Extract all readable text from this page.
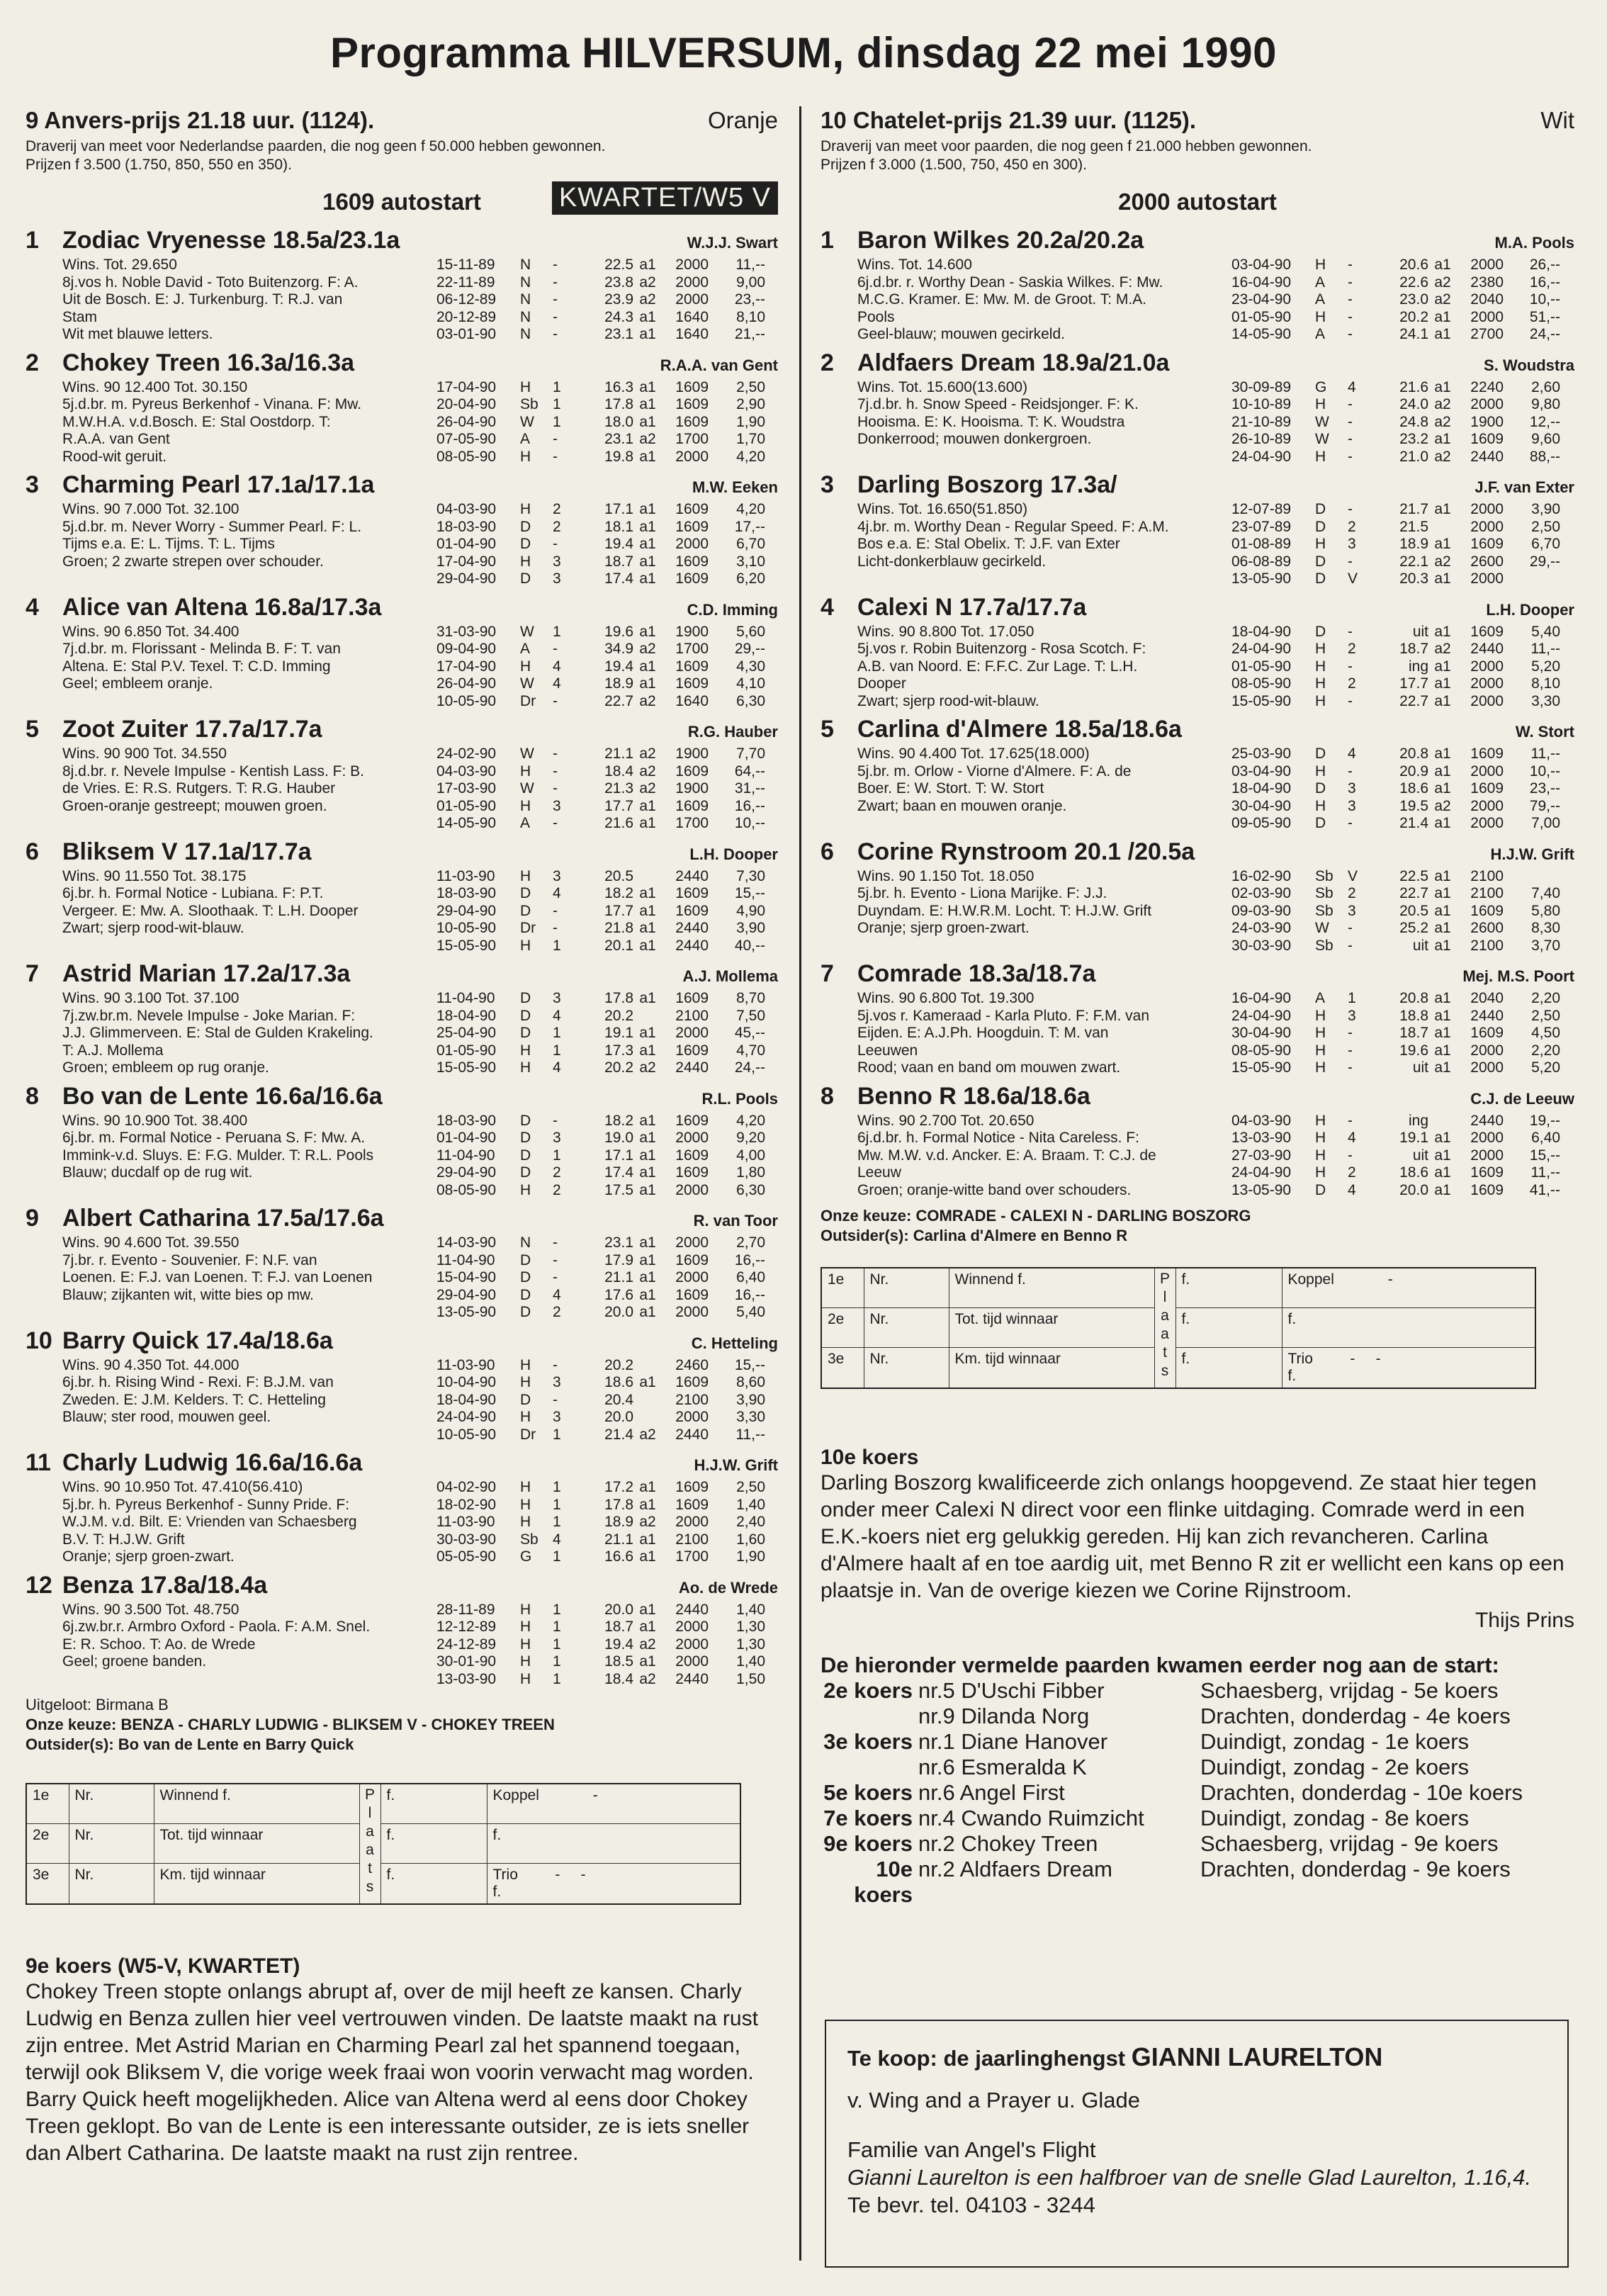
Programma HILVERSUM, dinsdag 22 mei 1990
9 Anvers-prijs 21.18 uur. (1124).	Oranje
Draverij van meet voor Nederlandse paarden, die nog geen f 50.000 hebben gewonnen.
Prijzen f 3.500 (1.750, 850, 550 en 350).
1609 autostart	KWARTET/W5 V
1 Zodiac Vryenesse 18.5a/23.1a	W.J.J. Swart
Wins. Tot. 29.650
8j.vos h. Noble David - Toto Buitenzorg. F: A.
Uit de Bosch. E: J. Turkenburg. T: R.J. van
Stam
Wit met blauwe letters.
15-11-89	N	-	22.5 a1	2000	11,--
22-11-89	N	-	23.8 a2	2000	9,00
06-12-89	N	-	23.9 a2	2000	23,--
20-12-89	N	-	24.3 a1	1640	8,10
03-01-90	N	-	23.1 a1	1640	21,--
2 Chokey Treen 16.3a/16.3a	R.A.A. van Gent
Wins. 90 12.400 Tot. 30.150
5j.d.br. m. Pyreus Berkenhof - Vinana. F: Mw.
M.W.H.A. v.d.Bosch. E: Stal Oostdorp. T:
R.A.A. van Gent
Rood-wit geruit.
17-04-90	H	1	16.3 a1	1609	2,50
20-04-90	Sb 1	17.8 a1	1609	2,90
26-04-90	W	1	18.0 a1	1609	1,90
07-05-90	A	-	23.1 a2	1700	1,70
08-05-90	H	-	19.8 a1	2000	4,20
3 Charming Pearl 17.1a/17.1a	M.W. Eeken
Wins. 90 7.000 Tot. 32.100
5j.d.br. m. Never Worry - Summer Pearl. F: L.
Tijms e.a. E: L. Tijms. T: L. Tijms
Groen; 2 zwarte strepen over schouder.
04-03-90	H	2	17.1 a1	1609	4,20
18-03-90	D	2	18.1 a1	1609	17,--
01-04-90	D	-	19.4 a1	2000	6,70
17-04-90	H	3	18.7 a1	1609	3,10
29-04-90	D	3	17.4 a1	1609	6,20
4 Alice van Altena 16.8a/17.3a	C.D. Imming
Wins. 90 6.850 Tot. 34.400
7j.d.br. m. Florissant - Melinda B. F: T. van
Altena. E: Stal P.V. Texel. T: C.D. Imming
Geel; embleem oranje.
31-03-90	W	1	19.6 a1	1900	5,60
09-04-90	A	-	34.9 a2	1700	29,--
17-04-90	H	4	19.4 a1	1609	4,30
26-04-90	W	4	18.9 a1	1609	4,10
10-05-90	Dr	-	22.7 a2	1640	6,30
5 Zoot Zuiter 17.7a/17.7a	R.G. Hauber
Wins. 90 900 Tot. 34.550
8j.d.br. r. Nevele Impulse - Kentish Lass. F: B.
de Vries. E: R.S. Rutgers. T: R.G. Hauber
Groen-oranje gestreept; mouwen groen.
24-02-90	W	-	21.1 a2	1900	7,70
04-03-90	H	-	18.4 a2	1609	64,--
17-03-90	W	-	21.3 a2	1900	31,--
01-05-90	H	3	17.7 a1	1609	16,--
14-05-90	A	-	21.6 a1	1700	10,--
6 Bliksem V 17.1a/17.7a	L.H. Dooper
Wins. 90 11.550 Tot. 38.175
6j.br. h. Formal Notice - Lubiana. F: P.T.
Vergeer. E: Mw. A. Sloothaak. T: L.H. Dooper
Zwart; sjerp rood-wit-blauw.
11-03-90	H	3	20.5	2440	7,30
18-03-90	D	4	18.2 a1	1609	15,--
29-04-90	D	-	17.7 a1	1609	4,90
10-05-90	Dr	-	21.8 a1	2440	3,90
15-05-90	H	1	20.1 a1	2440	40,--
7 Astrid Marian 17.2a/17.3a	A.J. Mollema
Wins. 90 3.100 Tot. 37.100
7j.zw.br.m. Nevele Impulse - Joke Marian. F:
J.J. Glimmerveen. E: Stal de Gulden Krakeling.
T: A.J. Mollema
Groen; embleem op rug oranje.
11-04-90	D	3	17.8 a1	1609	8,70
18-04-90	D	4	20.2	2100	7,50
25-04-90	D	1	19.1 a1	2000	45,--
01-05-90	H	1	17.3 a1	1609	4,70
15-05-90	H	4	20.2 a2	2440	24,--
8 Bo van de Lente 16.6a/16.6a	R.L. Pools
Wins. 90 10.900 Tot. 38.400
6j.br. m. Formal Notice - Peruana S. F: Mw. A.
Immink-v.d. Sluys. E: F.G. Mulder. T: R.L. Pools
Blauw; ducdalf op de rug wit.
18-03-90	D	-	18.2 a1	1609	4,20
01-04-90	D	3	19.0 a1	2000	9,20
11-04-90	D	1	17.1 a1	1609	4,00
29-04-90	D	2	17.4 a1	1609	1,80
08-05-90	H	2	17.5 a1	2000	6,30
9 Albert Catharina 17.5a/17.6a	R. van Toor
Wins. 90 4.600 Tot. 39.550
7j.br. r. Evento - Souvenier. F: N.F. van
Loenen. E: F.J. van Loenen. T: F.J. van Loenen
Blauw; zijkanten wit, witte bies op mw.
14-03-90	N	-	23.1 a1	2000	2,70
11-04-90	D	-	17.9 a1	1609	16,--
15-04-90	D	-	21.1 a1	2000	6,40
29-04-90	D	4	17.6 a1	1609	16,--
13-05-90	D	2	20.0 a1	2000	5,40
10 Barry Quick 17.4a/18.6a	C. Hetteling
Wins. 90 4.350 Tot. 44.000
6j.br. h. Rising Wind - Rexi. F: B.J.M. van
Zweden. E: J.M. Kelders. T: C. Hetteling
Blauw; ster rood, mouwen geel.
11-03-90	H	-	20.2	2460	15,--
10-04-90	H	3	18.6 a1	1609	8,60
18-04-90	D	-	20.4	2100	3,90
24-04-90	H	3	20.0	2000	3,30
10-05-90	Dr	1	21.4 a2	2440	11,--
11 Charly Ludwig 16.6a/16.6a	H.J.W. Grift
Wins. 90 10.950 Tot. 47.410(56.410)
5j.br. h. Pyreus Berkenhof - Sunny Pride. F:
W.J.M. v.d. Bilt. E: Vrienden van Schaesberg
B.V. T: H.J.W. Grift
Oranje; sjerp groen-zwart.
04-02-90	H	1	17.2 a1	1609	2,50
18-02-90	H	1	17.8 a1	1609	1,40
11-03-90	H	1	18.9 a2	2000	2,40
30-03-90	Sb 4	21.1 a1	2100	1,60
05-05-90	G	1	16.6 a1	1700	1,90
12 Benza 17.8a/18.4a	Ao. de Wrede
Wins. 90 3.500 Tot. 48.750
6j.zw.br.r. Armbro Oxford - Paola. F: A.M. Snel.
E: R. Schoo. T: Ao. de Wrede
Geel; groene banden.
28-11-89	H	1	20.0 a1	2440	1,40
12-12-89	H	1	18.7 a1	2000	1,30
24-12-89	H	1	19.4 a2	2000	1,30
30-01-90	H	1	18.5 a1	2000	1,40
13-03-90	H	1	18.4 a2	2440	1,50
Uitgeloot: Birmana B
Onze keuze: BENZA - CHARLY LUDWIG - BLIKSEM V - CHOKEY TREEN
Outsider(s): Bo van de Lente en Barry Quick
1e	Nr.	Winnend f.	P l a a t s	f.	Koppel -
2e	Nr.	Tot. tijd winnaar		f.	f.
3e	Nr.	Km. tijd winnaar		f.	Trio - -
f.
9e koers (W5-V, KWARTET)
Chokey Treen stopte onlangs abrupt af, over de mijl heeft ze kansen. Charly Ludwig en Benza zullen hier veel vertrouwen vinden. De laatste maakt na rust zijn entree. Met Astrid Marian en Charming Pearl zal het spannend toegaan, terwijl ook Bliksem V, die vorige week fraai won voorin verwacht mag worden. Barry Quick heeft mogelijkheden. Alice van Altena werd al eens door Chokey Treen geklopt. Bo van de Lente is een interessante outsider, ze is iets sneller dan Albert Catharina. De laatste maakt na rust zijn rentree.
10 Chatelet-prijs 21.39 uur. (1125).	Wit
Draverij van meet voor paarden, die nog geen f 21.000 hebben gewonnen.
Prijzen f 3.000 (1.500, 750, 450 en 300).
2000 autostart
1 Baron Wilkes 20.2a/20.2a	M.A. Pools
Wins. Tot. 14.600
6j.d.br. r. Worthy Dean - Saskia Wilkes. F: Mw.
M.C.G. Kramer. E: Mw. M. de Groot. T: M.A.
Pools
Geel-blauw; mouwen gecirkeld.
03-04-90	H	-	20.6 a1	2000	26,--
16-04-90	A	-	22.6 a2	2380	16,--
23-04-90	A	-	23.0 a2	2040	10,--
01-05-90	H	-	20.2 a1	2000	51,--
14-05-90	A	-	24.1 a1	2700	24,--
2 Aldfaers Dream 18.9a/21.0a	S. Woudstra
Wins. Tot. 15.600(13.600)
7j.d.br. h. Snow Speed - Reidsjonger. F: K.
Hooisma. E: K. Hooisma. T: K. Woudstra
Donkerrood; mouwen donkergroen.
30-09-89	G	4	21.6 a1	2240	2,60
10-10-89	H	-	24.0 a2	2000	9,80
21-10-89	W	-	24.8 a2	1900	12,--
26-10-89	W	-	23.2 a1	1609	9,60
24-04-90	H	-	21.0 a2	2440	88,--
3 Darling Boszorg 17.3a/	J.F. van Exter
Wins. Tot. 16.650(51.850)
4j.br. m. Worthy Dean - Regular Speed. F: A.M.
Bos e.a. E: Stal Obelix. T: J.F. van Exter
Licht-donkerblauw gecirkeld.
12-07-89	D	-	21.7 a1	2000	3,90
23-07-89	D	2	21.5	2000	2,50
01-08-89	H	3	18.9 a1	1609	6,70
06-08-89	D	-	22.1 a2	2600	29,--
13-05-90	D	V	20.3 a1	2000
4 Calexi N 17.7a/17.7a	L.H. Dooper
Wins. 90 8.800 Tot. 17.050
5j.vos r. Robin Buitenzorg - Rosa Scotch. F:
A.B. van Noord. E: F.F.C. Zur Lage. T: L.H.
Dooper
Zwart; sjerp rood-wit-blauw.
18-04-90	D	-	uit a1	1609	5,40
24-04-90	H	2	18.7 a2	2440	11,--
01-05-90	H	-	ing a1	2000	5,20
08-05-90	H	2	17.7 a1	2000	8,10
15-05-90	H	-	22.7 a1	2000	3,30
5 Carlina d'Almere 18.5a/18.6a	W. Stort
Wins. 90 4.400 Tot. 17.625(18.000)
5j.br. m. Orlow - Viorne d'Almere. F: A. de
Boer. E: W. Stort. T: W. Stort
Zwart; baan en mouwen oranje.
25-03-90	D	4	20.8 a1	1609	11,--
03-04-90	H	-	20.9 a1	2000	10,--
18-04-90	D	3	18.6 a1	1609	23,--
30-04-90	H	3	19.5 a2	2000	79,--
09-05-90	D	-	21.4 a1	2000	7,00
6 Corine Rynstroom 20.1 /20.5a	H.J.W. Grift
Wins. 90 1.150 Tot. 18.050
5j.br. h. Evento - Liona Marijke. F: J.J.
Duyndam. E: H.W.R.M. Locht. T: H.J.W. Grift
Oranje; sjerp groen-zwart.
16-02-90	Sb V	22.5 a1	2100
02-03-90	Sb 2	22.7 a1	2100	7,40
09-03-90	Sb 3	20.5 a1	1609	5,80
24-03-90	W	-	25.2 a1	2600	8,30
30-03-90	Sb -	uit a1	2100	3,70
7 Comrade 18.3a/18.7a	Mej. M.S. Poort
Wins. 90 6.800 Tot. 19.300
5j.vos r. Kameraad - Karla Pluto. F: F.M. van
Eijden. E: A.J.Ph. Hoogduin. T: M. van
Leeuwen
Rood; vaan en band om mouwen zwart.
16-04-90	A	1	20.8 a1	2040	2,20
24-04-90	H	3	18.8 a1	2440	2,50
30-04-90	H	-	18.7 a1	1609	4,50
08-05-90	H	-	19.6 a1	2000	2,20
15-05-90	H	-	uit a1	2000	5,20
8 Benno R 18.6a/18.6a	C.J. de Leeuw
Wins. 90 2.700 Tot. 20.650
6j.d.br. h. Formal Notice - Nita Careless. F:
Mw. M.W. v.d. Ancker. E: A. Braam. T: C.J. de
Leeuw
Groen; oranje-witte band over schouders.
04-03-90	H	-	ing	2440	19,--
13-03-90	H	4	19.1 a1	2000	6,40
27-03-90	H	-	uit a1	2000	15,--
24-04-90	H	2	18.6 a1	1609	11,--
13-05-90	D	4	20.0 a1	1609	41,--
Onze keuze: COMRADE - CALEXI N - DARLING BOSZORG
Outsider(s): Carlina d'Almere en Benno R
1e	Nr.	Winnend f.	P l a a t s	f.	Koppel -
2e	Nr.	Tot. tijd winnaar		f.	f.
3e	Nr.	Km. tijd winnaar		f.	Trio - -
f.
10e koers
Darling Boszorg kwalificeerde zich onlangs hoopgevend. Ze staat hier tegen onder meer Calexi N direct voor een flinke uitdaging. Comrade werd in een E.K.-koers niet erg gelukkig gereden. Hij kan zich revancheren. Carlina d'Almere haalt af en toe aardig uit, met Benno R zit er wellicht een kans op een plaatsje in. Van de overige kiezen we Corine Rijnstroom.
Thijs Prins
De hieronder vermelde paarden kwamen eerder nog aan de start:
2e koers nr.5 D'Uschi Fibber	Schaesberg, vrijdag - 5e koers
nr.9 Dilanda Norg	Drachten, donderdag - 4e koers
3e koers nr.1 Diane Hanover	Duindigt, zondag - 1e koers
nr.6 Esmeralda K	Duindigt, zondag - 2e koers
5e koers nr.6 Angel First	Drachten, donderdag - 10e koers
7e koers nr.4 Cwando Ruimzicht	Duindigt, zondag - 8e koers
9e koers nr.2 Chokey Treen	Schaesberg, vrijdag - 9e koers
10e koers
nr.2 Aldfaers Dream	Drachten, donderdag - 9e koers
Te koop: de jaarlinghengst GIANNI LAURELTON
v. Wing and a Prayer u. Glade
Familie van Angel's Flight
Gianni Laurelton is een halfbroer van de snelle Glad Laurelton, 1.16,4.
Te bevr. tel. 04103 - 3244
